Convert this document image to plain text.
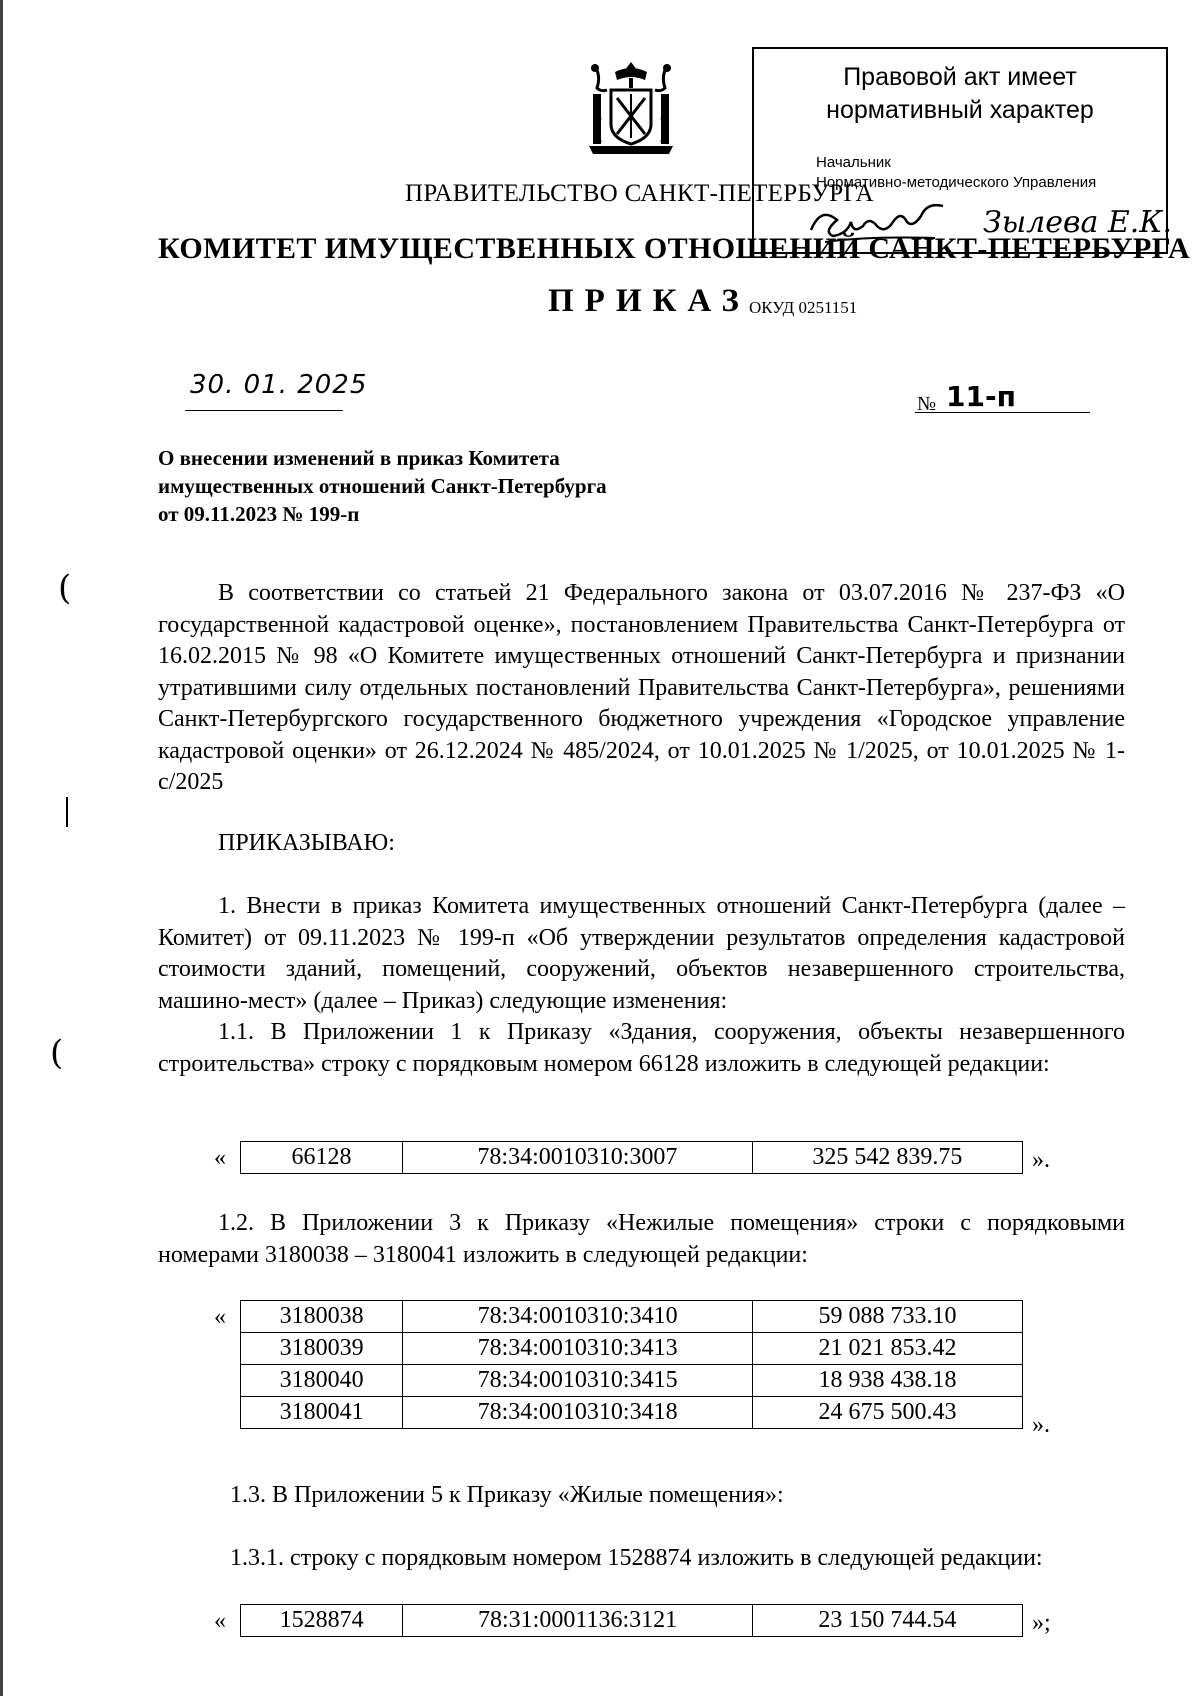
Правовой акт имеет
нормативный характер
Начальник
Нормативно-методического Управления
Зылева Е.К.
ПРАВИТЕЛЬСТВО САНКТ-ПЕТЕРБУРГА
КОМИТЕТ ИМУЩЕСТВЕННЫХ ОТНОШЕНИЙ САНКТ-ПЕТЕРБУРГА
ПРИКАЗ ОКУД 0251151
30. 01. 2025
№ 11-п
О внесении изменений в приказ Комитета
имущественных отношений Санкт-Петербурга
от 09.11.2023 № 199-п
(
(
В соответствии со статьей 21 Федерального закона от 03.07.2016 № 237-ФЗ «О государственной кадастровой оценке», постановлением Правительства Санкт-Петербурга от 16.02.2015 № 98 «О Комитете имущественных отношений Санкт-Петербурга и признании утратившими силу отдельных постановлений Правительства Санкт-Петербурга», решениями Санкт-Петербургского государственного бюджетного учреждения «Городское управление кадастровой оценки» от 26.12.2024 № 485/2024, от 10.01.2025 № 1/2025, от 10.01.2025 № 1-с/2025
ПРИКАЗЫВАЮ:
1. Внести в приказ Комитета имущественных отношений Санкт-Петербурга (далее – Комитет) от 09.11.2023 № 199-п «Об утверждении результатов определения кадастровой стоимости зданий, помещений, сооружений, объектов незавершенного строительства, машино-мест» (далее – Приказ) следующие изменения:
1.1. В Приложении 1 к Приказу «Здания, сооружения, объекты незавершенного строительства» строку с порядковым номером 66128 изложить в следующей редакции:
«	66128	78:34:0010310:3007	325 542 839.75	».
1.2. В Приложении 3 к Приказу «Нежилые помещения» строки с порядковыми номерами 3180038 – 3180041 изложить в следующей редакции:
« 3180038	78:34:0010310:3410	59 088 733.10
3180039	78:34:0010310:3413	21 021 853.42
3180040	78:34:0010310:3415	18 938 438.18
3180041	78:34:0010310:3418	24 675 500.43	».
1.3. В Приложении 5 к Приказу «Жилые помещения»:
1.3.1. строку с порядковым номером 1528874 изложить в следующей редакции:
« 1528874	78:31:0001136:3121	23 150 744.54	»;
